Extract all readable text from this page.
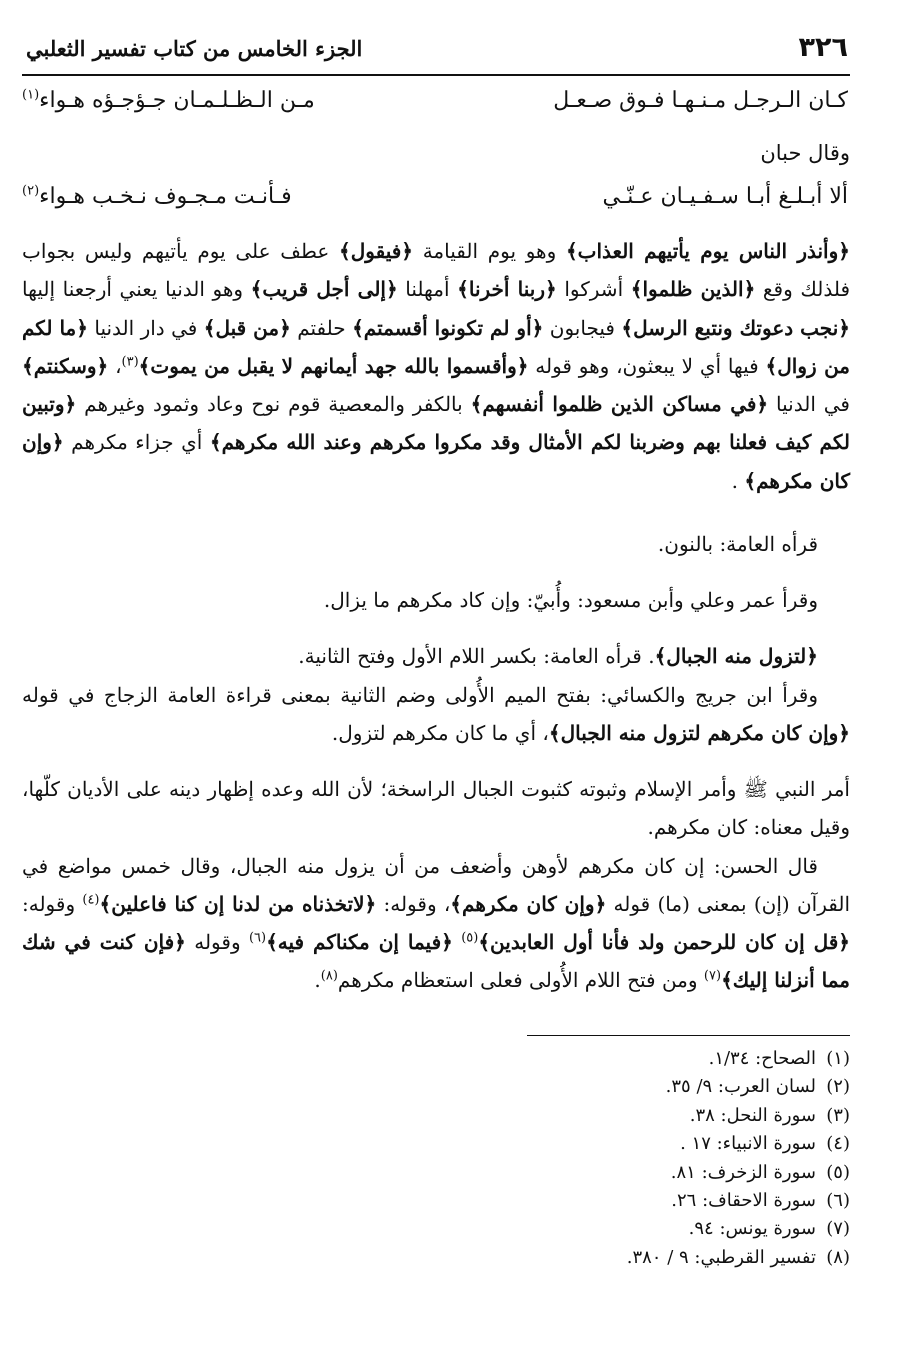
٣٢٦
الجزء الخامس من كتاب تفسير الثعلبي
كـان الـرجـل مـنـهـا فـوق صـعـل
مـن الـظـلـمـان جـؤجـؤه هـواء$^{(١)}$
وقال حبان
ألا أبـلـغ أبـا سـفـيـان عـنّـي
فـأنـت مـجـوف نـخـب هـواء$^{(٢)}$

﴿وأنذر الناس يوم يأتيهم العذاب﴾ وهو يوم القيامة ﴿فيقول﴾ عطف على يوم يأتيهم وليس بجواب فلذلك وقع ﴿الذين ظلموا﴾ أشركوا ﴿ربنا أخرنا﴾ أمهلنا ﴿إلى أجل قريب﴾ وهو الدنيا يعني أرجعنا إليها ﴿نجب دعوتك ونتبع الرسل﴾ فيجابون ﴿أو لم تكونوا أقسمتم﴾ حلفتم ﴿من قبل﴾ في دار الدنيا ﴿ما لكم من زوال﴾ فيها أي لا يبعثون، وهو قوله ﴿وأقسموا بالله جهد أيمانهم لا يقبل من يموت﴾$^{(٣)}$، ﴿وسكنتم﴾ في الدنيا ﴿في مساكن الذين ظلموا أنفسهم﴾ بالكفر والمعصية قوم نوح وعاد وثمود وغيرهم ﴿وتبين لكم كيف فعلنا بهم وضربنا لكم الأمثال وقد مكروا مكرهم وعند الله مكرهم﴾ أي جزاء مكرهم ﴿وإن كان مكرهم﴾ .

قرأه العامة: بالنون.

وقرأ عمر وعلي وأبن مسعود: وأُبيّ: وإن كاد مكرهم ما يزال.

﴿لتزول منه الجبال﴾. قرأه العامة: بكسر اللام الأول وفتح الثانية.

وقرأ ابن جريج والكسائي: بفتح الميم الأُولى وضم الثانية بمعنى قراءة العامة الزجاج في قوله ﴿وإن كان مكرهم لتزول منه الجبال﴾، أي ما كان مكرهم لتزول.

أمر النبي ﷺ وأمر الإسلام وثبوته كثبوت الجبال الراسخة؛ لأن الله وعده إظهار دينه على الأديان كلّها، وقيل معناه: كان مكرهم.

قال الحسن: إن كان مكرهم لأوهن وأضعف من أن يزول منه الجبال، وقال خمس مواضع في القرآن (إن) بمعنى (ما) قوله ﴿وإن كان مكرهم﴾، وقوله: ﴿لاتخذناه من لدنا إن كنا فاعلين﴾$^{(٤)}$ وقوله: ﴿قل إن كان للرحمن ولد فأنا أول العابدين﴾$^{(٥)}$ ﴿فيما إن مكناكم فيه﴾$^{(٦)}$ وقوله ﴿فإن كنت في شك مما أنزلنا إليك﴾$^{(٧)}$ ومن فتح اللام الأُولى فعلى استعظام مكرهم$^{(٨)}$.

(١)الصحاح: ١/٣٤.
(٢)لسان العرب: ٩/ ٣٥.
(٣)سورة النحل: ٣٨.
(٤)سورة الانبياء: ١٧ .
(٥)سورة الزخرف: ٨١.
(٦)سورة الاحقاف: ٢٦.
(٧)سورة يونس: ٩٤.
(٨)تفسير القرطبي: ٩ / ٣٨٠.
